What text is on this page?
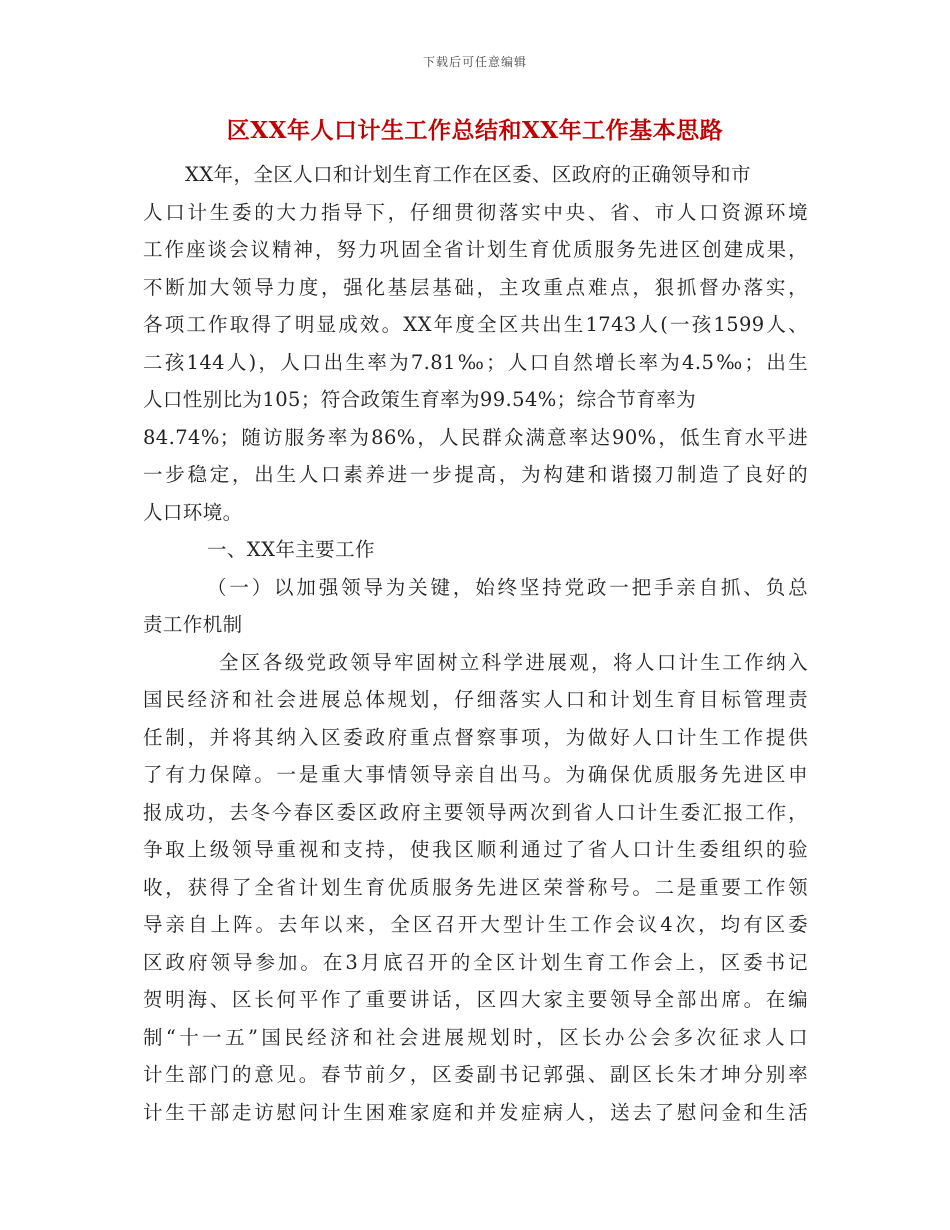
下载后可任意编辑
区XX年人口计生工作总结和XX年工作基本思路
XX年，全区人口和计划生育工作在区委、区政府的正确领导和市
人口计生委的大力指导下，仔细贯彻落实中央、省、市人口资源环境
工作座谈会议精神，努力巩固全省计划生育优质服务先进区创建成果，
不断加大领导力度，强化基层基础，主攻重点难点，狠抓督办落实，
各项工作取得了明显成效。XX年度全区共出生1743人(一孩1599人、
二孩144人)，人口出生率为7.81‰；人口自然增长率为4.5‰；出生
人口性别比为105；符合政策生育率为99.54%；综合节育率为
84.74%；随访服务率为86%，人民群众满意率达90%，低生育水平进
一步稳定，出生人口素养进一步提高，为构建和谐掇刀制造了良好的
人口环境。
一、XX年主要工作
（一）以加强领导为关键，始终坚持党政一把手亲自抓、负总
责工作机制
全区各级党政领导牢固树立科学进展观，将人口计生工作纳入
国民经济和社会进展总体规划，仔细落实人口和计划生育目标管理责
任制，并将其纳入区委政府重点督察事项，为做好人口计生工作提供
了有力保障。一是重大事情领导亲自出马。为确保优质服务先进区申
报成功，去冬今春区委区政府主要领导两次到省人口计生委汇报工作，
争取上级领导重视和支持，使我区顺利通过了省人口计生委组织的验
收，获得了全省计划生育优质服务先进区荣誉称号。二是重要工作领
导亲自上阵。去年以来，全区召开大型计生工作会议4次，均有区委
区政府领导参加。在3月底召开的全区计划生育工作会上，区委书记
贺明海、区长何平作了重要讲话，区四大家主要领导全部出席。在编
制“十一五”国民经济和社会进展规划时，区长办公会多次征求人口
计生部门的意见。春节前夕，区委副书记郭强、副区长朱才坤分别率
计生干部走访慰问计生困难家庭和并发症病人，送去了慰问金和生活
